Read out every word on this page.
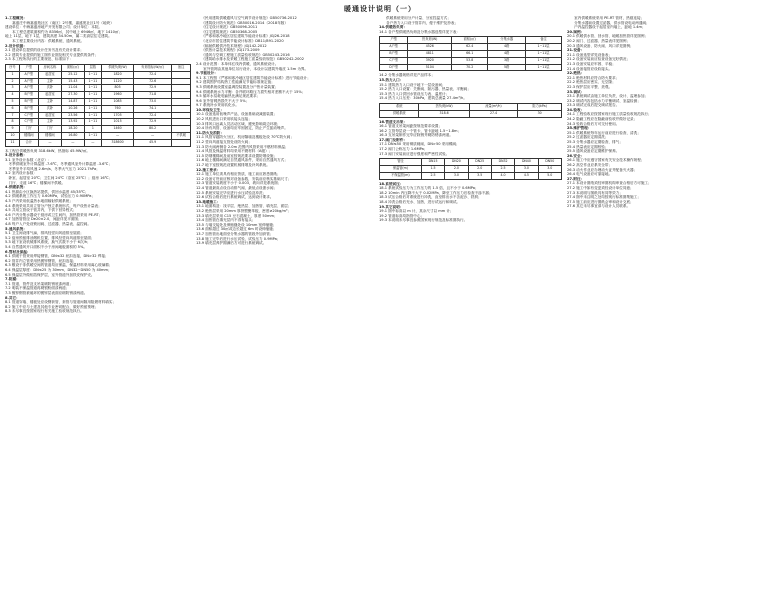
暖通设计说明（一）
1.工程概况：
　　嘉盛庄中海嘉盛苑社区（南区）2号楼，嘉盛苑社区1号（地块）
建设单位：中海嘉盛房地产开发有限公司；设计单位：本院。
　　本工程总建筑面积约为 8356㎡，其中地上 6946㎡，地下 1410㎡；
地上 11层，地下 1层，建筑高度 34.50m，属二类高层住宅建筑。
　　本工程主要设计内容：供暖系统、通风系统。
2.设计依据：
2.1 建设单位提供的设计任务书及有关设计要求；
2.2 建筑专业提供的施工图作业图及相关专业提供的条件；
2.3 本工程所执行的主要规范、标准如下：
序号	户型	房间名称	面积(㎡)	层数	供暖负荷(W)	负荷指标(W/㎡)	备注
1	A户型	起居室	25.12	1~11	1820	72.4	
2	A户型	主卧	15.43	1~11	1120	72.6	
3	A户型	次卧	11.04	1~11	805	72.9	
4	B户型	起居室	27.30	1~11	1960	71.8	
5	B户型	主卧	14.87	1~11	1085	73.0	
6	B户型	次卧	10.26	1~11	760	74.1	
7	C户型	起居室	23.56	1~11	1705	72.4	
8	C户型	主卧	13.92	1~11	1015	72.9	
9	门厅	门厅	18.20	1	1460	80.2	
10	楼梯间	楼梯间	16.80	1~11	—	—	不供暖
11	合计	—	—	—	318600	45.9	
本工程总供暖热负荷 318.6kW，热指标 45.9W/㎡。
3.设计参数：
3.1 室外设计参数（北京）：
　冬季供暖室外计算温度 -7.6℃，冬季通风室外计算温度 -3.6℃；
　冬季室外平均风速 2.6m/s，冬季大气压力 1021.7hPa；
3.2 室内设计参数：
　卧室、起居室 20℃；卫生间 24℃（浴室 25℃）；厨房 16℃；
　门厅、走道 16℃；楼梯间不供暖。
4.供暖系统：
4.1 热源由小区换热站提供，供回水温度 45/35℃；
4.2 供暖系统工作压力 0.60MPa，试验压力 0.90MPa；
4.3 户内采用低温热水地面辐射供暖系统；
4.4 系统采用共用立管分户独立系统形式，每户设热计量表；
4.5 共用立管设于管井内，下供下回异程式；
4.6 户内分集水器设于厨房或卫生间内，加热管采用 PE-RT；
4.7 加热管管径 De20×2.0，间距详见平面图；
4.8 每户入户处设锁闭阀、过滤器、热量表、温控阀。
5.通风系统：
5.1 卫生间设排气扇，排风经竖向风道排至屋面；
5.2 厨房预留排油烟机位置，排风经竖向风道排至屋面；
5.3 地下室设机械排风系统，换气次数不小于 6次/h；
5.4 自然通风开口面积不小于房间地板面积的 5%。
6.管材及保温：
6.1 供暖干管采用焊接钢管，DN≤32 丝扣连接，DN>32 焊接；
6.2 管井内立管采用热镀锌钢管，丝扣连接；
6.3 敷设于非供暖空间的管道均应保温，保温材料采用离心玻璃棉；
6.4 保温层厚度：DN≤25 为 30mm，DN32~DN50 为 40mm；
6.5 保温层外做铝箔保护层，室外管道外加铁皮保护壳。
7.防腐：
7.1 管道、管件及支吊架刷防锈底漆两道；
7.2 明装不保温管道再刷银粉面漆两道；
7.3 镀锌钢管被破坏的镀锌层表面应刷防锈漆两道。
8.其它：
8.1 管道穿墙、楼板处应设钢套管，套管与管道间隙用阻燃材料填实；
8.2 施工中应与土建及其他专业密切配合，做好预留预埋；
8.3 未尽事宜按国家现行有关施工验收规范执行。
　　《民用建筑供暖通风与空气调节设计规范》GB50736-2012
　　《建筑设计防火规范》GB50016-2014（2018年版）
　　《住宅设计规范》GB50096-2011
　　《住宅建筑规范》GB50368-2005
　　《严寒和寒冷地区居住建筑节能设计标准》JGJ26-2018
　　《北京市居住建筑节能设计标准》DB11/891-2020
　　《辐射供暖供冷技术规程》JGJ142-2012
　　《供热计量技术规程》JGJ173-2009
　　《通风与空调工程施工质量验收规范》GB50243-2016
　　《建筑给水排水及采暖工程施工质量验收规范》GB50242-2002
2.4 设计范围：本单体红线内供暖、通风系统设计。
　　室外管网由其他单位另行设计，本设计以建筑外墙皮 1.5m 为界。
9.节能设计：
9.1 本工程按《严寒和寒冷地区居住建筑节能设计标准》进行节能设计；
9.2 建筑围护结构热工性能满足节能标准规定值；
9.3 供暖系统设置室温调控装置及分户热计量装置；
9.4 供暖系统水力平衡：各并联环路压力损失相对差额不大于 15%；
9.5 循环水泵耗电输热比满足规范要求；
9.6 室外管网热损失不大于 5%；
9.7 系统补水采用软化水。
10.环保及卫生：
10.1 设备选用低噪声产品，设备基础设减振装置；
10.2 风机进出口采用软接头连接；
10.3 排风口远离人员活动区域，避免影响周边环境；
10.4 所有风管、设备均应牢固固定，防止产生振动噪声。
11.防火及消防：
11.1 风管穿越防火分区、机房隔墙及楼板处设 70℃防火阀；
11.2 竖向风道接支管处设防火阀；
11.3 防火阀两侧各 2.0m 范围内风管采用不燃材料保温；
11.4 风管及保温材料均采用不燃材料（A级）；
11.5 防烟楼梯间及前室按规范要求设置防烟设施；
11.6 地上楼梯间满足自然通风条件，采用自然通风方式；
11.7 地下室按规范设置机械排烟及补风系统。
12.施工要求：
12.1 施工单位须具有相应资质，施工前应熟悉图纸；
12.2 设备订货前应核对设备参数，安装前应核实基础尺寸；
12.3 管道安装坡度不小于 0.003，坡向详见系统图；
12.4 管道最高点设自动排气阀，最低点设泄水阀；
12.5 系统安装完毕应进行水压试验及冲洗；
12.6 试验合格后进行系统调试，达到设计要求。
13.地暖施工：
13.1 地面构造：找平层、绝热层、加热管、填充层、面层；
13.2 绝热层采用 20mm 厚挤塑聚苯板，密度≥20kg/m³；
13.3 填充层采用 C15 豆石混凝土，厚度 50mm；
13.4 加热管在填充层内不得有接头；
13.5 与墙交接处及伸缩缝处设 10mm 宽伸缩缝；
13.6 面积超过 30㎡或边长超过 6m 时设伸缩缝；
13.7 加热管出地面至分集水器的管段外加套管；
13.8 施工完毕后进行水压试验，试验压力 0.9MPa；
13.9 填充层养护期满后方可进行系统调试。
　　供暖系统采用分户计量、分室控温方式；
　　各户热力入口设于管井内，便于维护及抄表；
14.供暖热负荷：
14.1 各户型供暖热负荷及分集水器选型详见下表：
户型	热负荷(W)	面积(㎡)	分集水器	备注
A户型	4526	62.4	4路	1~11层
B户型	4811	66.1	4路	1~11层
C户型	3920	53.8	3路	1~11层
D户型	5104	70.2	5路	1~11层
14.2 分集水器规格详见产品样本；
15.热力入口：
15.1 建筑热力入口设于地下一层设备间；
15.2 热力入口设置：关断阀、除污器、热量表、平衡阀；
15.3 热力入口供回水管设压力表、温度计；
15.4 热力入口压差：30kPa，建筑总流量 27.4m³/h。
系统	热负荷(kW)	流量(m³/h)	阻力(kPa)
供暖系统	318.6	27.4	30
16.管道支吊架：
16.1 管道支吊架间距按规范要求设置；
16.2 立管每层设一个管卡，管卡距地 1.5~1.8m；
16.3 支吊架制作完毕应除锈并刷防锈漆两道。
17.阀门及附件：
17.1 DN≤50 采用铜质闸阀，DN>50 采用蝶阀；
17.2 阀门公称压力 1.6MPa；
17.3 阀门安装前应进行强度和严密性试验。
管径	DN15	DN20	DN25	DN32	DN40	DN50
保温管(m)	1.5	2.0	2.0	2.5	3.0	3.0
不保温管(m)	2.5	3.0	3.5	4.0	4.5	5.0
18.系统试压：
18.1 系统试验压力为工作压力的 1.5 倍，且不小于 0.6MPa；
18.2 10min 内压降不大于 0.02MPa，降至工作压力后检查不渗不漏；
18.3 试压合格后对系统进行冲洗，直至排出水不含泥沙、铁屑；
18.4 冲洗合格后充水、加热，进行试运行和调试。
19.其它说明：
19.1 图中标高以 m 计，其余尺寸以 mm 计；
19.2 管道标高均指管中心；
19.3 本说明未尽事宜参照国家现行规范及标准图执行。
　　室内供暖系统采用 PE-RT 管材，热熔连接；
　　分集水器前设置过滤器，供水管设电动两通阀；
　　户内温控器设于起居室内墙上，距地 1.4m；
20.图例：
20.1 供暖供水管、回水管、地暖加热管详见图例；
20.2 阀门、过滤器、热量表详见图例；
20.3 通风设备、防火阀、风口详见图例；
21.设备：
21.1 设备选型详见设备表；
21.2 设备安装前应检查设备完好情况；
21.3 设备安装应牢固、平稳；
21.4 设备接管应设软接头。
22.绝热：
22.1 绝热材料应符合防火要求；
22.2 绝热层应密实、无空隙；
22.3 保护层应平整、美观。
23.调试：
23.1 系统调试由施工单位负责，设计、监理参加；
23.2 调试内容包括水力平衡调试、室温检测；
23.3 调试完成后提交调试报告。
24.验收：
24.1 工程验收应按国家现行施工质量验收规范执行；
24.2 隐蔽工程应在隐蔽前验收并做好记录；
24.3 验收合格后方可交付使用。
25.维护管理：
25.1 供暖系统每年运行前应进行检查、清洗；
25.2 过滤器应定期清洗；
25.3 分集水器应定期检查、排气；
25.4 热量表应定期校验；
25.5 通风设备应定期维护保养。
26.安全：
26.1 施工中应遵守国家有关安全技术操作规程；
26.2 高空作业应系安全带；
26.3 动火作业应办理动火证并配备灭火器；
26.4 电气设备应可靠接地。
27.附注：
27.1 本设计图纸须经审图机构审查合格后方可施工；
27.2 施工中如有变更须经设计单位同意；
27.3 本说明与图纸具有同等效力；
27.4 图中未注明之处均按现行标准图集施工；
27.5 施工前应进行图纸会审和设计交底；
27.6 其它未尽事宜请与设计人员联系。
